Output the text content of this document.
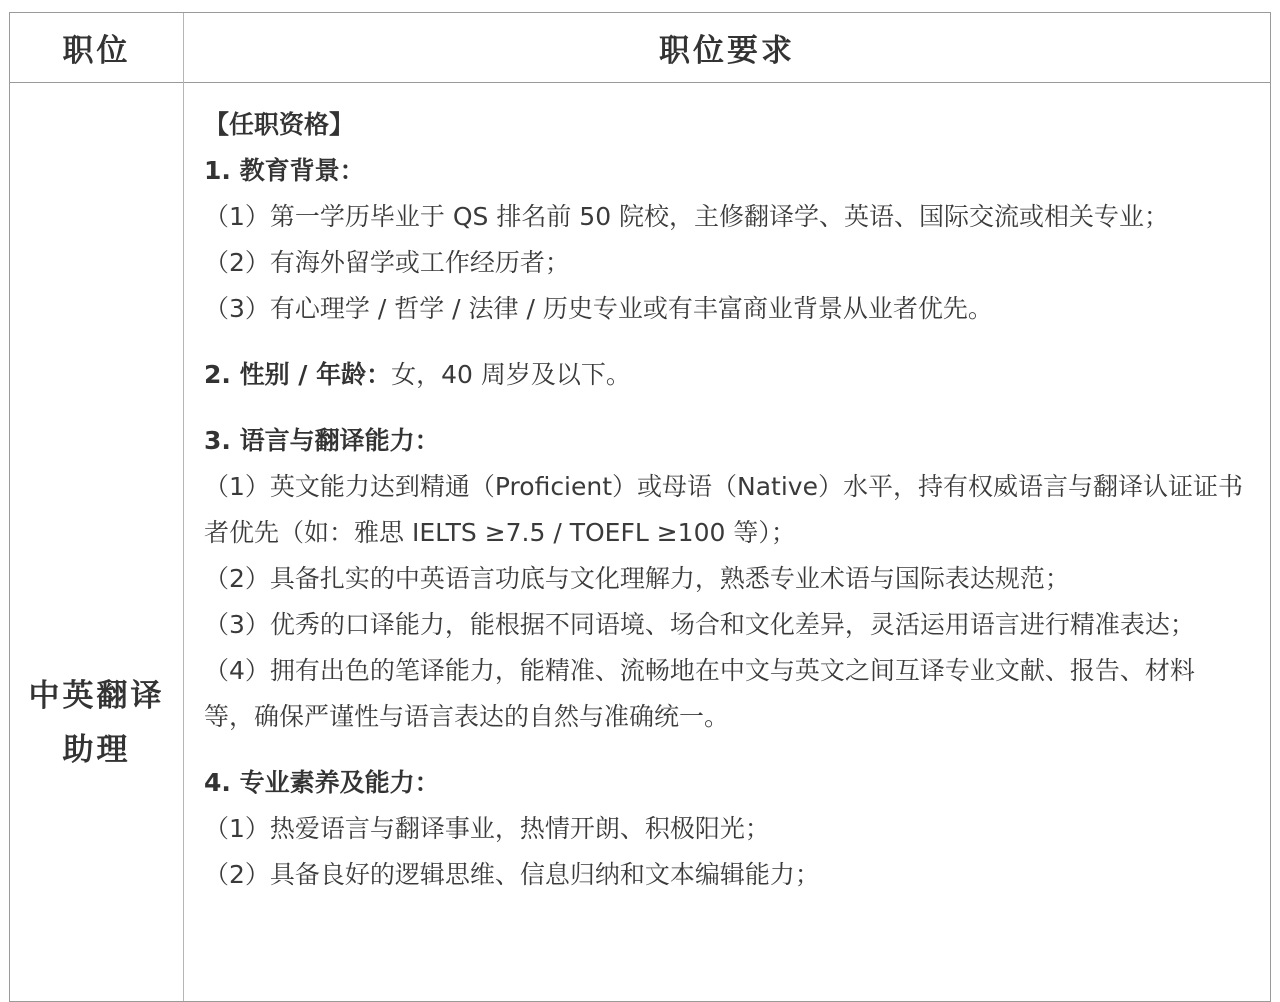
职位	职位要求
中英翻译
助理
【任职资格】
1. 教育背景：
（1）第一学历毕业于 QS 排名前 50 院校，主修翻译学、英语、国际交流或相关专业；
（2）有海外留学或工作经历者；
（3）有心理学 / 哲学 / 法律 / 历史专业或有丰富商业背景从业者优先。
2. 性别 / 年龄：女，40 周岁及以下。
3. 语言与翻译能力：
（1）英文能力达到精通（Proficient）或母语（Native）水平，持有权威语言与翻译认证证书者优先（如：雅思 IELTS ≥7.5 / TOEFL ≥100 等）；
（2）具备扎实的中英语言功底与文化理解力，熟悉专业术语与国际表达规范；
（3）优秀的口译能力，能根据不同语境、场合和文化差异，灵活运用语言进行精准表达；
（4）拥有出色的笔译能力，能精准、流畅地在中文与英文之间互译专业文献、报告、材料等，确保严谨性与语言表达的自然与准确统一。
4. 专业素养及能力：
（1）热爱语言与翻译事业，热情开朗、积极阳光；
（2）具备良好的逻辑思维、信息归纳和文本编辑能力；
